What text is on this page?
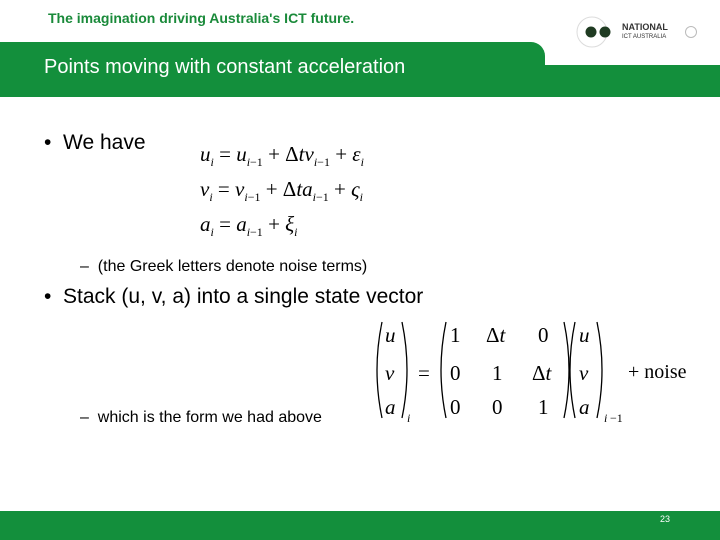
The imagination driving Australia's ICT future.
Points moving with constant acceleration
NATIONAL
ICT AUSTRALIA
•  We have	$u_i = u_{i-1} + \Delta tv_{i-1} + \varepsilon_i$
$v_i = v_{i-1} + \Delta ta_{i-1} + \varsigma_i$
$a_i = a_{i-1} + \xi_i$
–  (the Greek letters denote noise terms)
•  Stack (u, v, a) into a single state vector
u
v
a i
=
1 Δt 0
0 1 Δt
0 0 1
u
v
a i −1
+ noise
–  which is the form we had above
23
